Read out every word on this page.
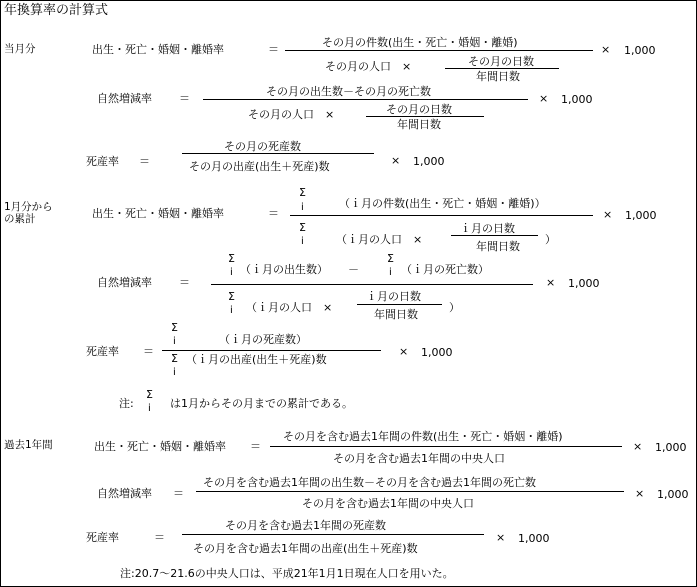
年換算率の計算式
当月分	出生・死亡・婚姻・離婚率	＝
その月の件数(出生・死亡・婚姻・離婚)
その月の人口　×	その月の日数
年間日数
× 1,000
自然増減率 ＝
その月の出生数－その月の死亡数
その月の人口　×	その月の日数
年間日数
× 1,000
死産率 ＝
その月の死産数
その月の出産(出生＋死産)数	× 1,000
1月分から
の累計	出生・死亡・婚姻・離婚率	＝
Σ
i	（ｉ月の件数(出生・死亡・婚姻・離婚)）
Σ
i	（ｉ月の人口　×
ｉ月の日数
年間日数
）
× 1,000
自然増減率 ＝
Σ
i （ｉ月の出生数） －
Σ
i （ｉ月の死亡数）
Σ
i （ｉ月の人口　×
ｉ月の日数
年間日数
）
× 1,000
死産率 ＝
Σ
i	（ｉ月の死産数）
Σ
i
（ｉ月の出産(出生＋死産)数
× 1,000
注:
Σ
i は1月からその月までの累計である。
過去1年間	出生・死亡・婚姻・離婚率 ＝
その月を含む過去1年間の件数(出生・死亡・婚姻・離婚)
その月を含む過去1年間の中央人口
× 1,000
自然増減率 ＝
その月を含む過去1年間の出生数－その月を含む過去1年間の死亡数
その月を含む過去1年間の中央人口
× 1,000
死産率	＝
その月を含む過去1年間の死産数
その月を含む過去1年間の出産(出生＋死産)数
× 1,000
注:20.7～21.6の中央人口は、平成21年1月1日現在人口を用いた。
